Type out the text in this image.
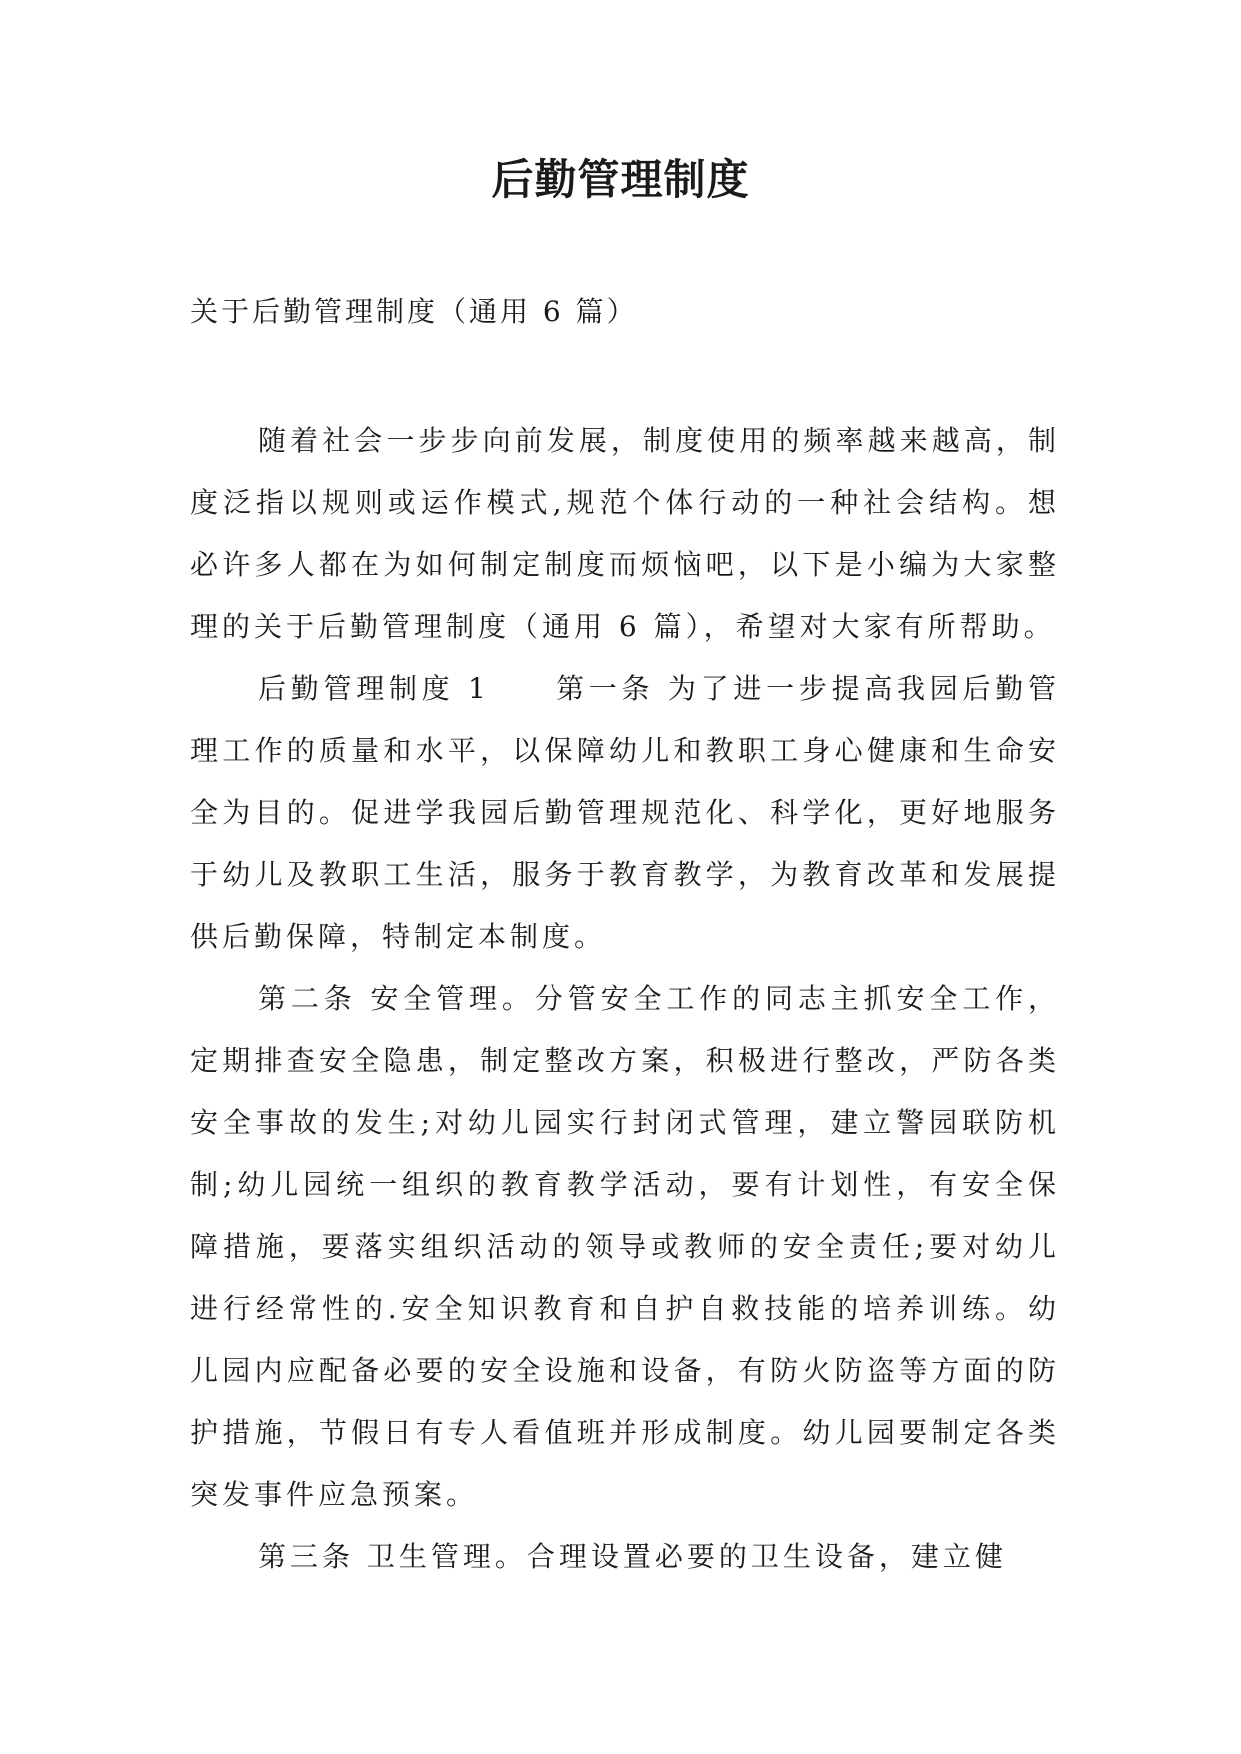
后勤管理制度

关于后勤管理制度（通用 6 篇）

随着社会一步步向前发展，制度使用的频率越来越高，制度泛指以规则或运作模式,规范个体行动的一种社会结构。想必许多人都在为如何制定制度而烦恼吧，以下是小编为大家整理的关于后勤管理制度（通用 6 篇），希望对大家有所帮助。

后勤管理制度 1　　第一条 为了进一步提高我园后勤管理工作的质量和水平，以保障幼儿和教职工身心健康和生命安全为目的。促进学我园后勤管理规范化、科学化，更好地服务于幼儿及教职工生活，服务于教育教学，为教育改革和发展提供后勤保障，特制定本制度。

第二条 安全管理。分管安全工作的同志主抓安全工作，定期排查安全隐患，制定整改方案，积极进行整改，严防各类安全事故的发生;对幼儿园实行封闭式管理，建立警园联防机制;幼儿园统一组织的教育教学活动，要有计划性，有安全保障措施，要落实组织活动的领导或教师的安全责任;要对幼儿进行经常性的.安全知识教育和自护自救技能的培养训练。幼儿园内应配备必要的安全设施和设备，有防火防盗等方面的防护措施，节假日有专人看值班并形成制度。幼儿园要制定各类突发事件应急预案。

第三条 卫生管理。合理设置必要的卫生设备，建立健
